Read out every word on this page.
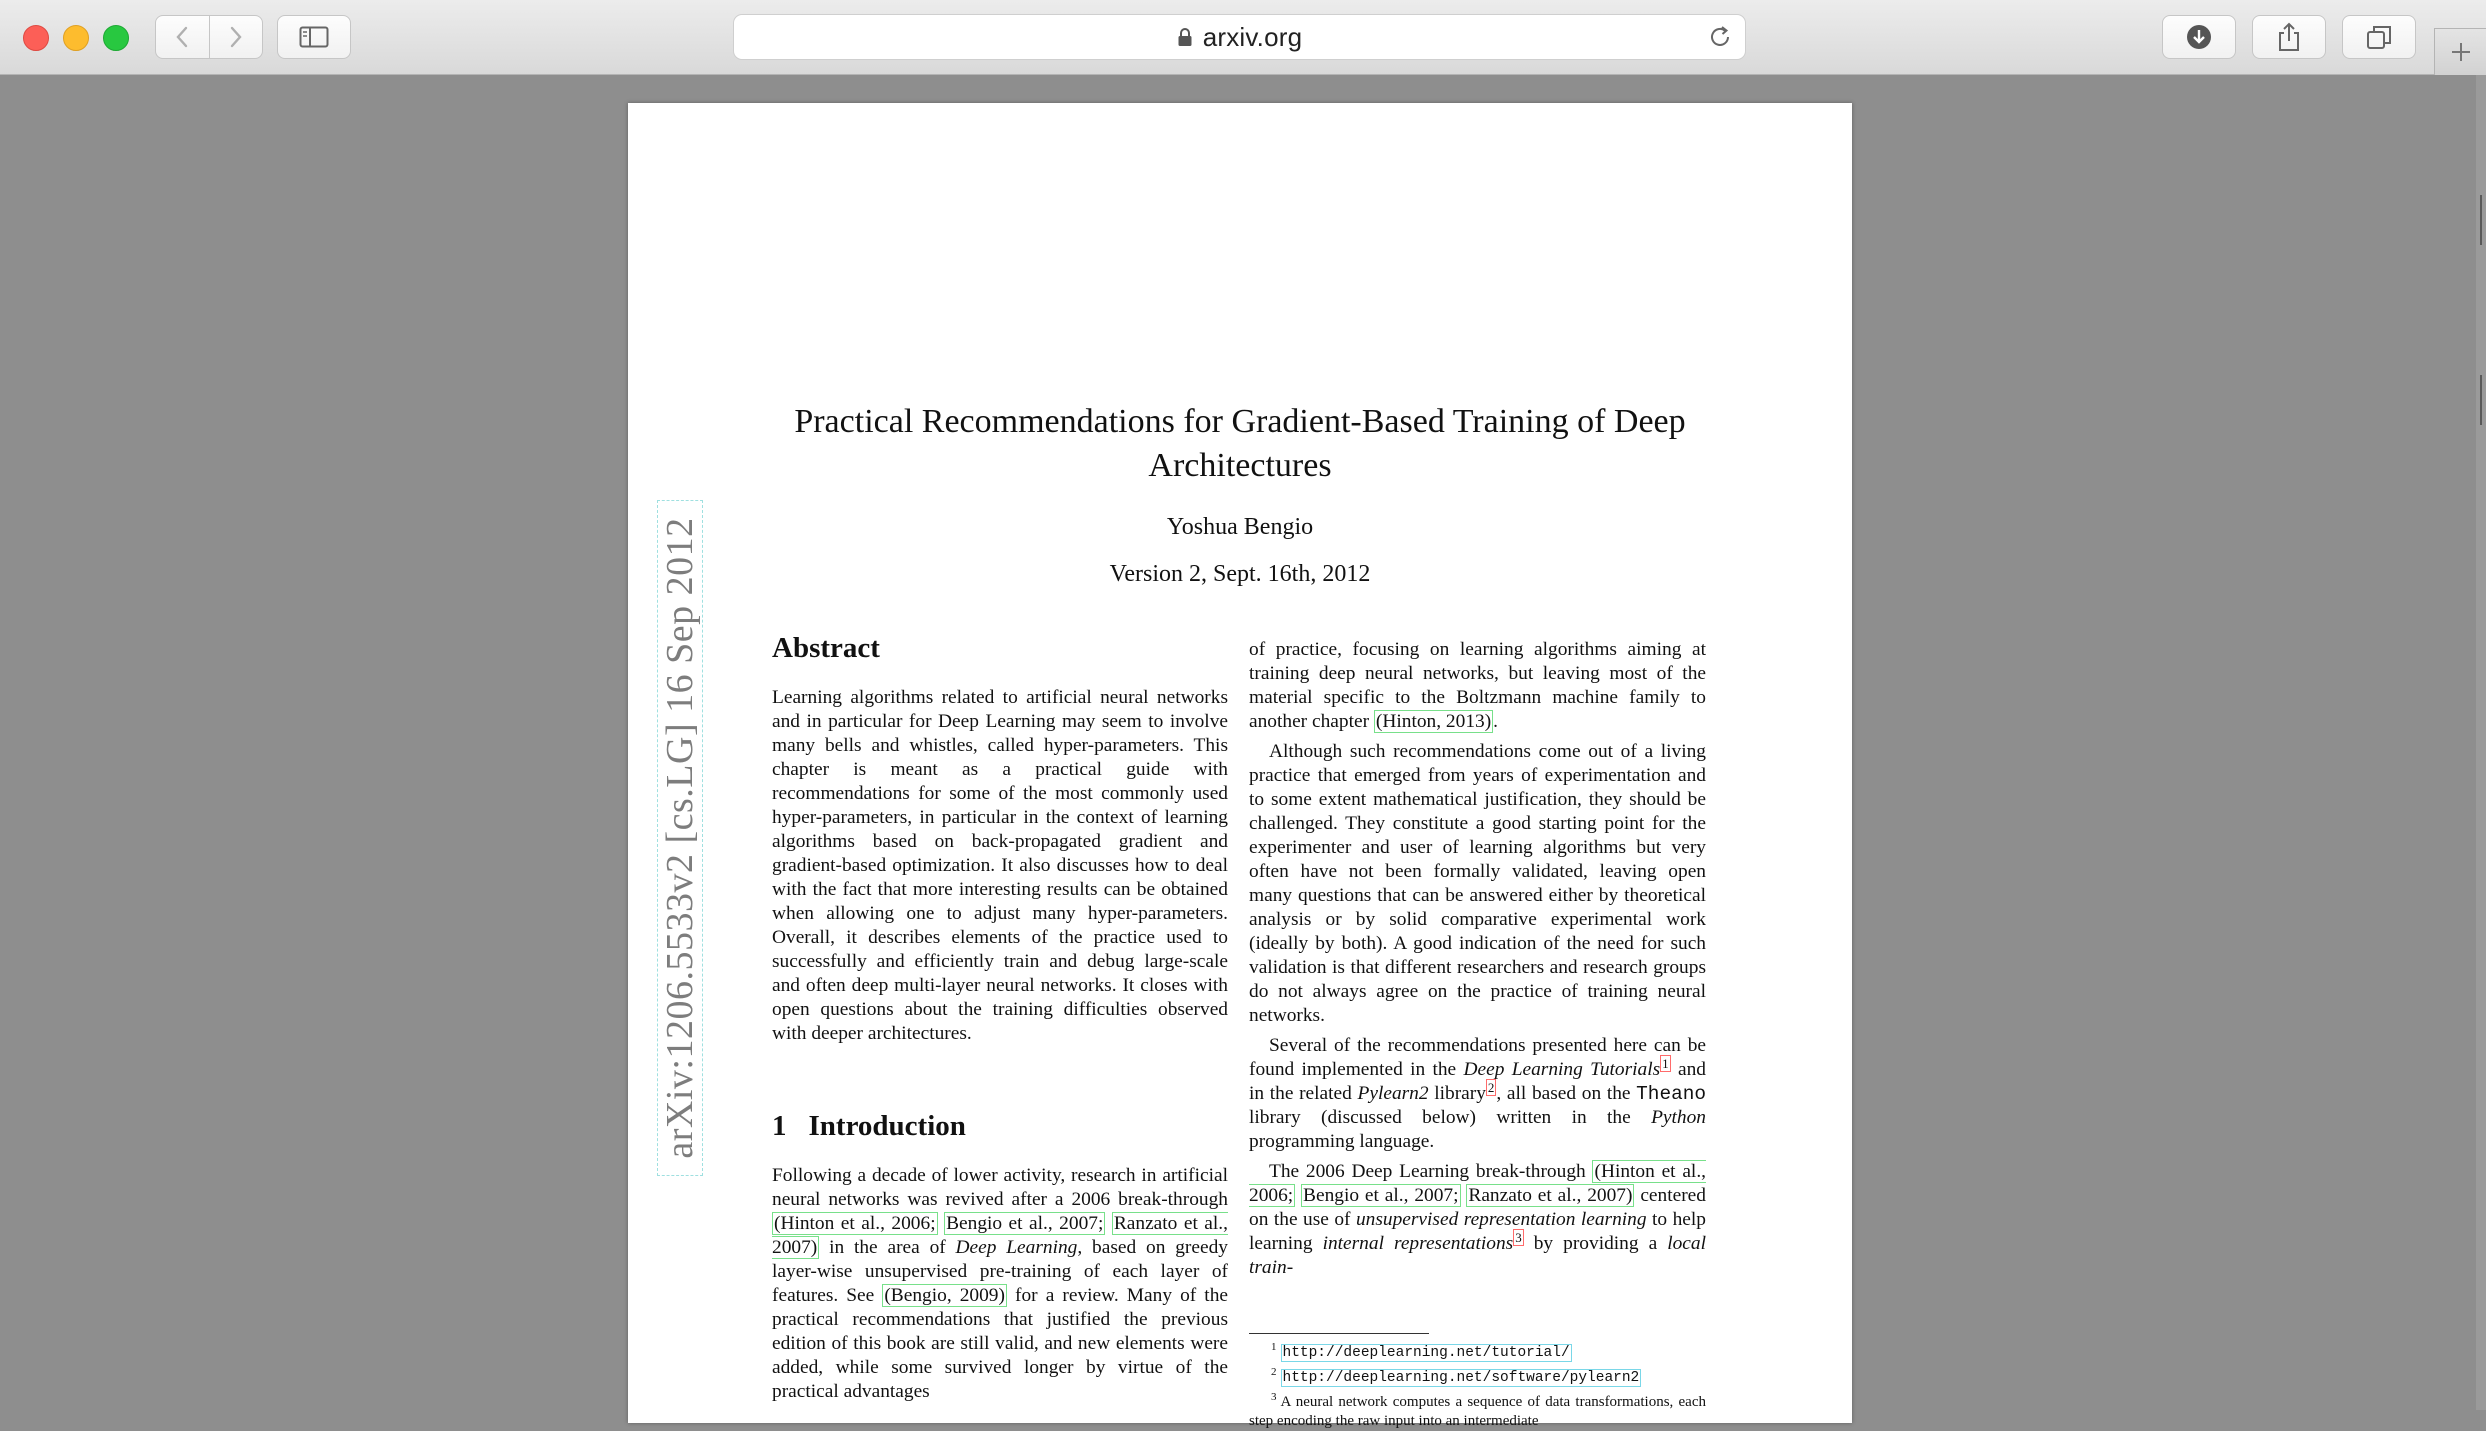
arxiv.org
arXiv:1206.5533v2 [cs.LG] 16 Sep 2012
Practical Recommendations for Gradient-Based Training of Deep
Architectures
Yoshua Bengio
Version 2, Sept. 16th, 2012
Abstract

Learning algorithms related to artificial neural networks and in particular for Deep Learning may seem to involve many bells and whistles, called hyper-parameters. This chapter is meant as a practical guide with recommendations for some of the most commonly used hyper-parameters, in particular in the context of learning algorithms based on back-propagated gradient and gradient-based optimization. It also discusses how to deal with the fact that more interesting results can be obtained when allowing one to adjust many hyper-parameters. Overall, it describes elements of the practice used to successfully and efficiently train and debug large-scale and often deep multi-layer neural networks. It closes with open questions about the training difficulties observed with deeper architectures.

1 Introduction

Following a decade of lower activity, research in artificial neural networks was revived after a 2006 break-through (Hinton et al., 2006; Bengio et al., 2007; Ranzato et al., 2007) in the area of Deep Learning, based on greedy layer-wise unsupervised pre-training of each layer of features. See (Bengio, 2009) for a review. Many of the practical recommendations that justified the previous edition of this book are still valid, and new elements were added, while some survived longer by virtue of the practical advantages

of practice, focusing on learning algorithms aiming at training deep neural networks, but leaving most of the material specific to the Boltzmann machine family to another chapter (Hinton, 2013) .

Although such recommendations come out of a living practice that emerged from years of experimentation and to some extent mathematical justification, they should be challenged. They constitute a good starting point for the experimenter and user of learning algorithms but very often have not been formally validated, leaving open many questions that can be answered either by theoretical analysis or by solid comparative experimental work (ideally by both). A good indication of the need for such validation is that different researchers and research groups do not always agree on the practice of training neural networks.

Several of the recommendations presented here can be found implemented in the Deep Learning Tutorials $^1$ and in the related Pylearn2 library $^2$ , all based on the Theano library (discussed below) written in the Python programming language.

The 2006 Deep Learning break-through (Hinton et al., 2006; Bengio et al., 2007; Ranzato et al., 2007) centered on the use of unsupervised representation learning to help learning internal representations $^3$ by providing a local train-

$^1$ http://deeplearning.net/tutorial/
$^2$ http://deeplearning.net/software/pylearn2
$^3$ A neural network computes a sequence of data transformations, each step encoding the raw input into an intermediate
